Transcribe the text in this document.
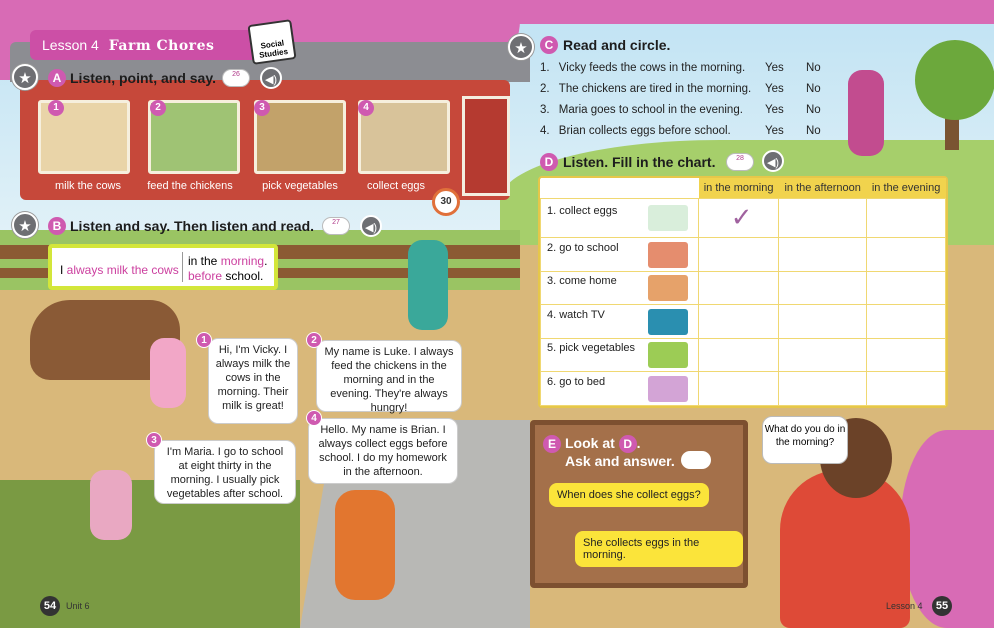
Lesson 4 Farm Chores	Social Studies
★	A Listen, point, and say.	26	◀)
1	2	3	4
milk the cows	feed the chickens	pick vegetables	collect eggs
30
★	B Listen and say. Then listen and read.	27	◀)
I always milk the cows
in the morning.
before school.
Hi, I'm Vicky. I always milk the cows in the morning. Their milk is great!
1
My name is Luke. I always feed the chickens in the morning and in the evening. They're always hungry!
2
I'm Maria. I go to school at eight thirty in the morning. I usually pick vegetables after school.
3
Hello. My name is Brian. I always collect eggs before school. I do my homework in the afternoon.
4
★	C Read and circle.
1. Vicky feeds the cows in the morning. Yes No
2. The chickens are tired in the morning. Yes No
3. Maria goes to school in the evening. Yes No
4. Brian collects eggs before school.	Yes No
D Listen. Fill in the chart.	28	◀)
	in the morning	in the afternoon	in the evening
1. collect eggs	✓		
2. go to school

3. come home

4. watch TV

5. pick vegetables

6. go to bed

E Look at D .
Ask and answer.
When does she collect eggs?
She collects eggs in the morning.
What do you do in the morning?
54	Unit 6	Lesson 4	55
